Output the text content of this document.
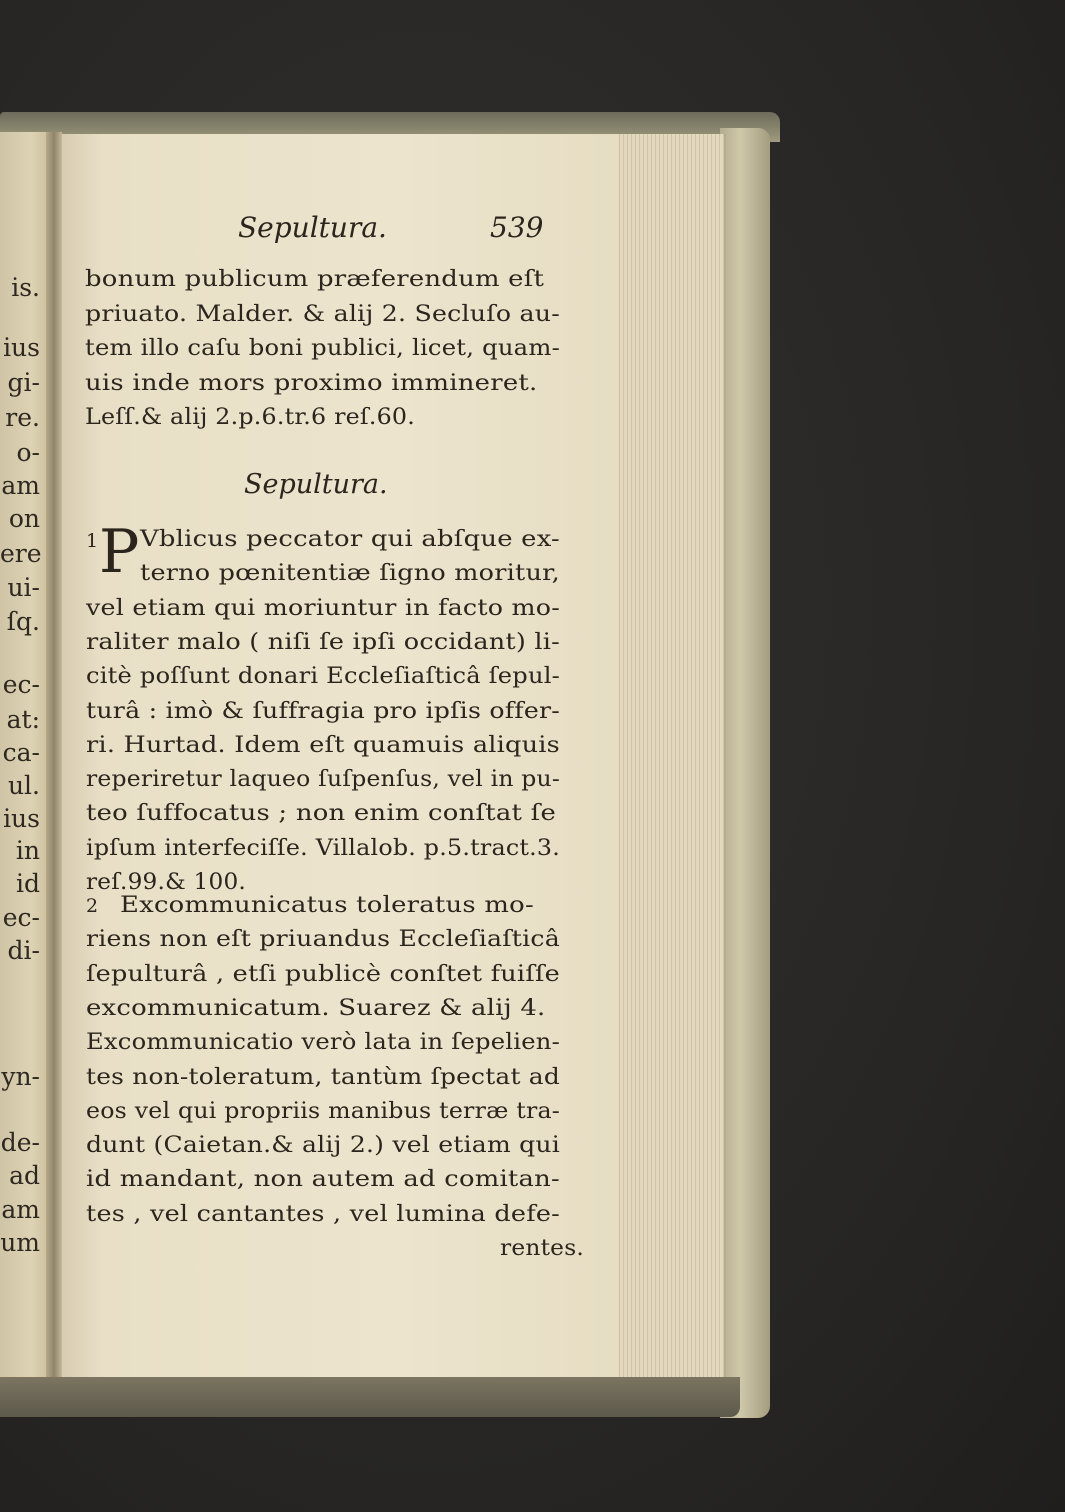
is.
ius
gi-
re.
o-
am
on
ere
ui-
ſq.
ec-
at:
ca-
ul.
ius
in
id
ec-
di-
yn-
de-
ad
am
um
Sepultura.	539
bonum publicum præferendum eſt
priuato. Malder. & alij 2. Secluſo au-
tem illo caſu boni publici, licet, quam-
uis inde mors proximo immineret.
Leſſ.& alij 2.p.6.tr.6 reſ.60.
Sepultura.
1 P Vblicus peccator qui abſque ex-
terno pœnitentiæ ſigno moritur,
vel etiam qui moriuntur in facto mo-
raliter malo ( niſi ſe ipſi occidant) li-
citè poſſunt donari Eccleſiaſticâ ſepul-
turâ : imò & ſuffragia pro ipſis offer-
ri. Hurtad. Idem eſt quamuis aliquis
reperiretur laqueo ſuſpenſus, vel in pu-
teo ſuffocatus ; non enim conſtat ſe
ipſum interfeciſſe. Villalob. p.5.tract.3.
reſ.99.& 100.
2 Excommunicatus toleratus mo-
riens non eſt priuandus Eccleſiaſticâ
ſepulturâ , etſi publicè conſtet fuiſſe
excommunicatum. Suarez & alij 4.
Excommunicatio verò lata in ſepelien-
tes non-toleratum, tantùm ſpectat ad
eos vel qui propriis manibus terræ tra-
dunt (Caietan.& alij 2.) vel etiam qui
id mandant, non autem ad comitan-
tes , vel cantantes , vel lumina defe-
rentes.
